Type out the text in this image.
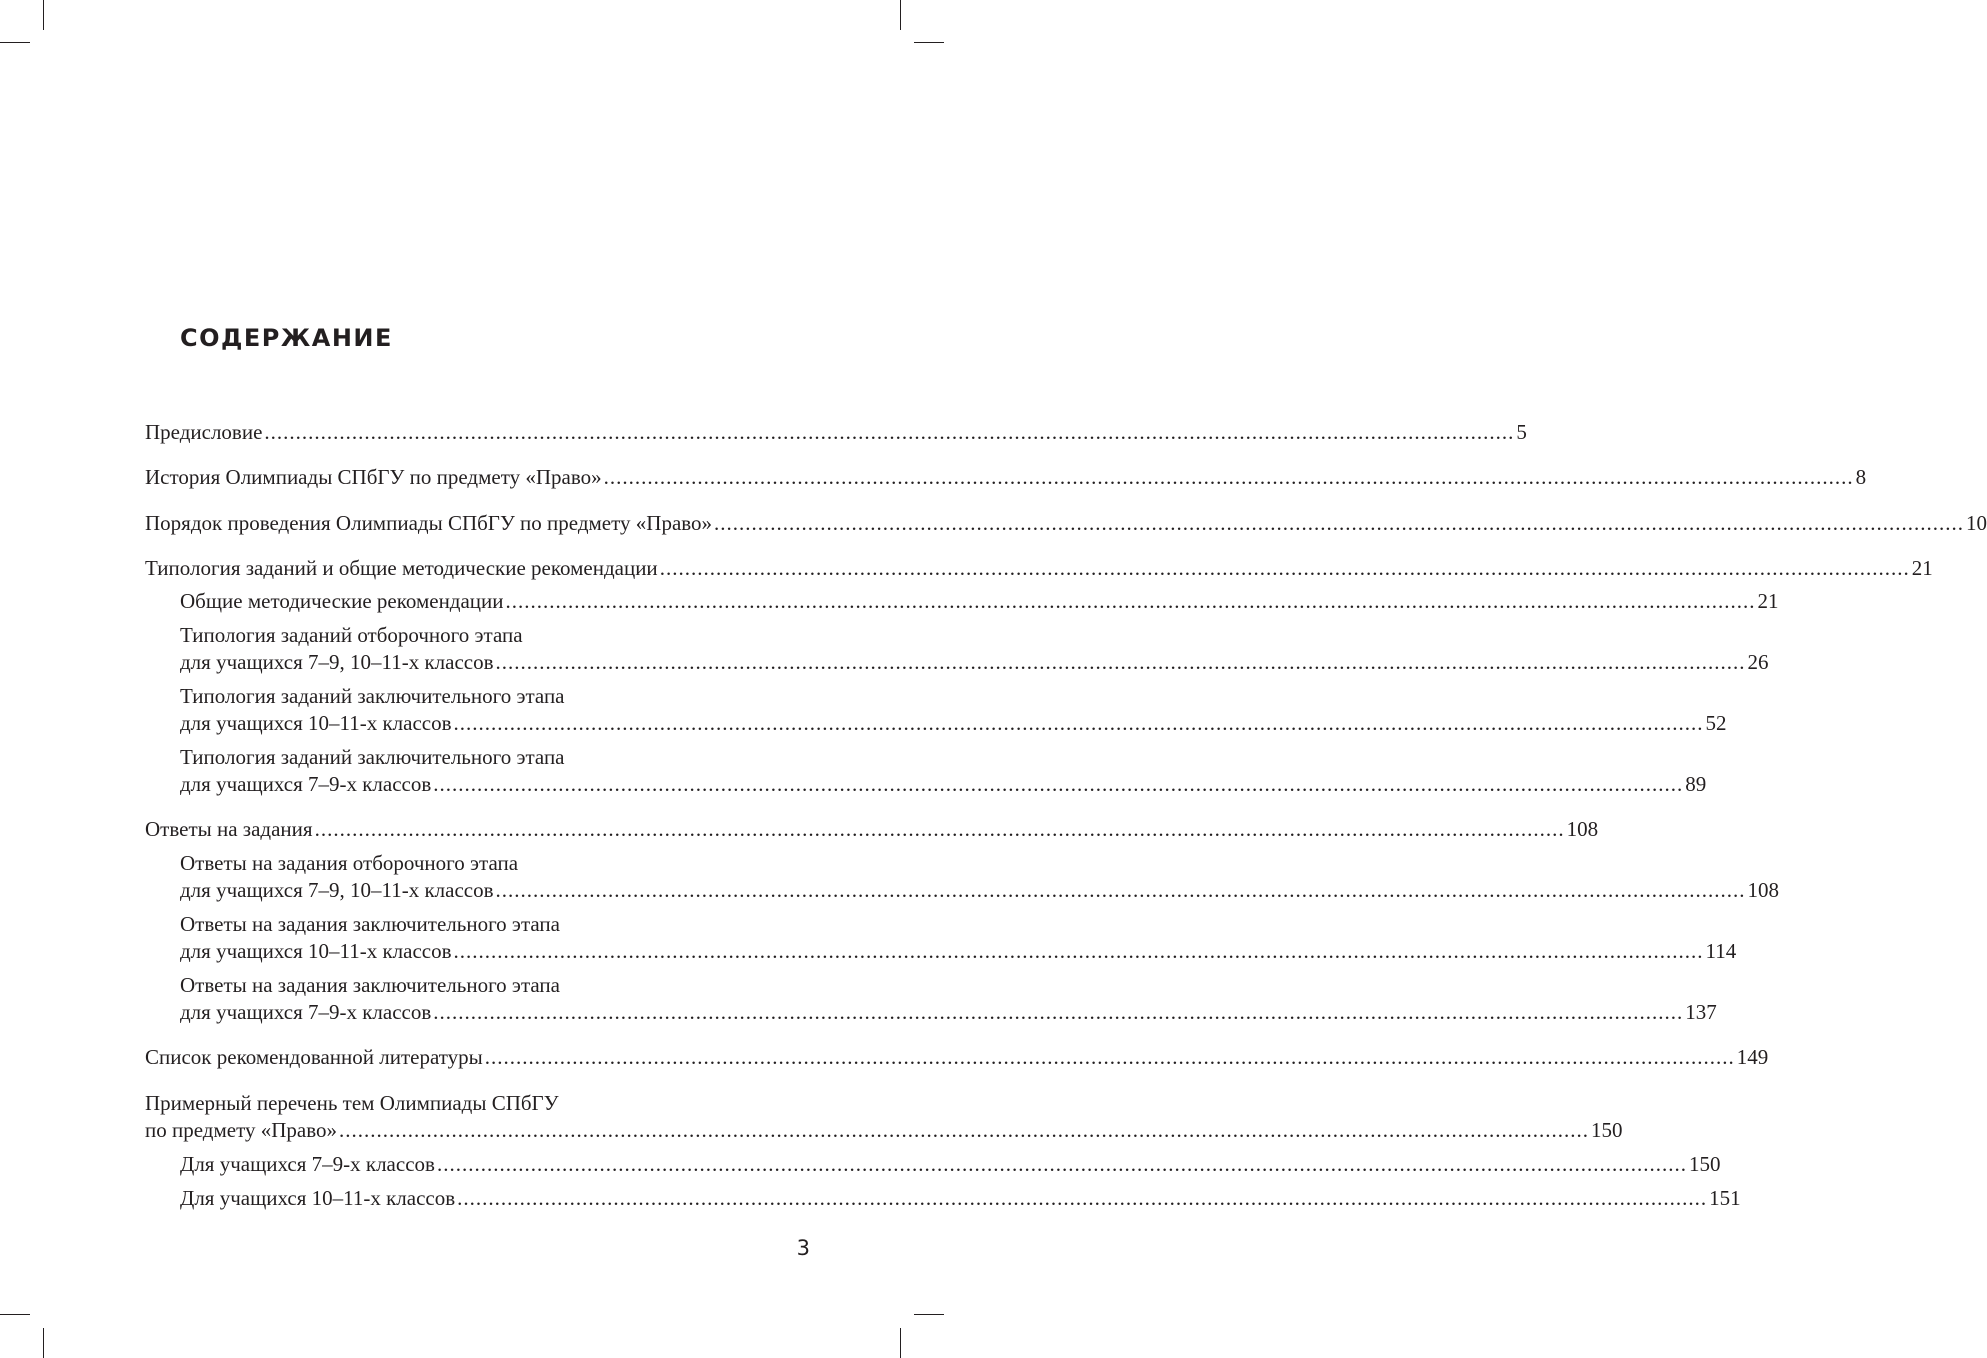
СОДЕРЖАНИЕ
Предисловие ........................................................................................................................................................................................................ 5
История Олимпиады СПбГУ по предмету «Право» ........................................................................................................................................................................................................ 8
Порядок проведения Олимпиады СПбГУ по предмету «Право» ........................................................................................................................................................................................................ 10
Типология заданий и общие методические рекомендации ........................................................................................................................................................................................................ 21
Общие методические рекомендации ........................................................................................................................................................................................................ 21
Типология заданий отборочного этапа
для учащихся 7–9, 10–11-х классов ........................................................................................................................................................................................................ 26
Типология заданий заключительного этапа
для учащихся 10–11-х классов ........................................................................................................................................................................................................ 52
Типология заданий заключительного этапа
для учащихся 7–9-х классов ........................................................................................................................................................................................................ 89
Ответы на задания ........................................................................................................................................................................................................ 108
Ответы на задания отборочного этапа
для учащихся 7–9, 10–11-х классов ........................................................................................................................................................................................................ 108
Ответы на задания заключительного этапа
для учащихся 10–11-х классов ........................................................................................................................................................................................................ 114
Ответы на задания заключительного этапа
для учащихся 7–9-х классов ........................................................................................................................................................................................................ 137
Список рекомендованной литературы ........................................................................................................................................................................................................ 149
Примерный перечень тем Олимпиады СПбГУ
по предмету «Право» ........................................................................................................................................................................................................ 150
Для учащихся 7–9-х классов ........................................................................................................................................................................................................ 150
Для учащихся 10–11-х классов ........................................................................................................................................................................................................ 151
3
